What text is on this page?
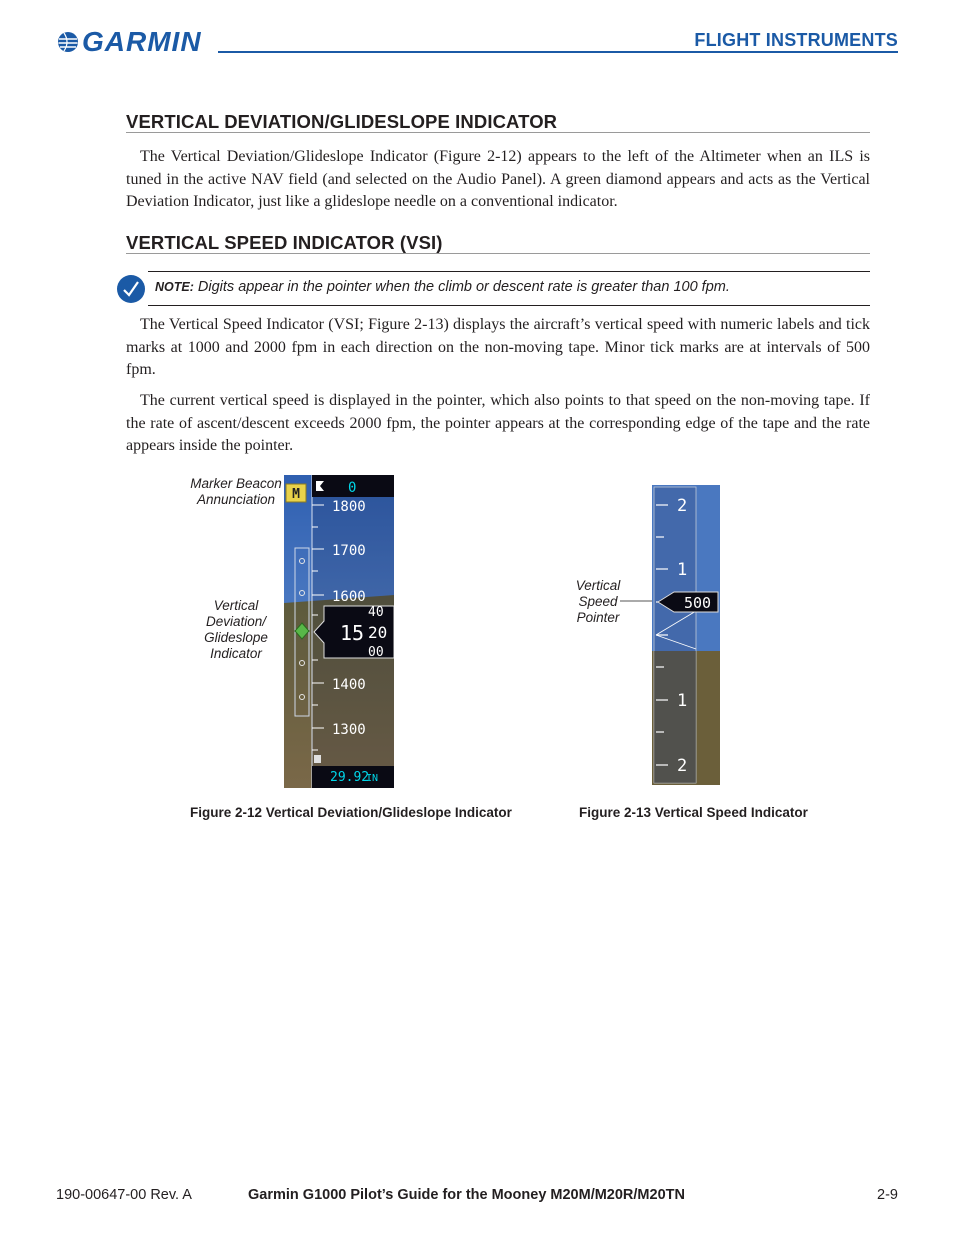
GARMIN	FLIGHT INSTRUMENTS
VERTICAL DEVIATION/GLIDESLOPE INDICATOR

The Vertical Deviation/Glideslope Indicator (Figure 2-12) appears to the left of the Altimeter when an ILS is tuned in the active NAV field (and selected on the Audio Panel). A green diamond appears and acts as the Vertical Deviation Indicator, just like a glideslope needle on a conventional indicator.

VERTICAL SPEED INDICATOR (VSI)
NOTE: Digits appear in the pointer when the climb or descent rate is greater than 100 fpm.

The Vertical Speed Indicator (VSI; Figure 2-13) displays the aircraft’s vertical speed with numeric labels and tick marks at 1000 and 2000 fpm in each direction on the non-moving tape. Minor tick marks are at intervals of 500 fpm.

The current vertical speed is displayed in the pointer, which also points to that speed on the non-moving tape. If the rate of ascent/descent exceeds 2000 fpm, the pointer appears at the corresponding edge of the tape and the rate appears inside the pointer.

Marker Beacon Annunciation
Vertical Deviation/ Glideslope Indicator
M
1800
1700
1600
1400
1300
0
15
40
20
00
29.92
IN
Vertical Speed Pointer
2
1
1
2
500
Figure 2-12 Vertical Deviation/Glideslope Indicator	Figure 2-13 Vertical Speed Indicator
190-00647-00 Rev. A	Garmin G1000 Pilot’s Guide for the Mooney M20M/M20R/M20TN	2-9
